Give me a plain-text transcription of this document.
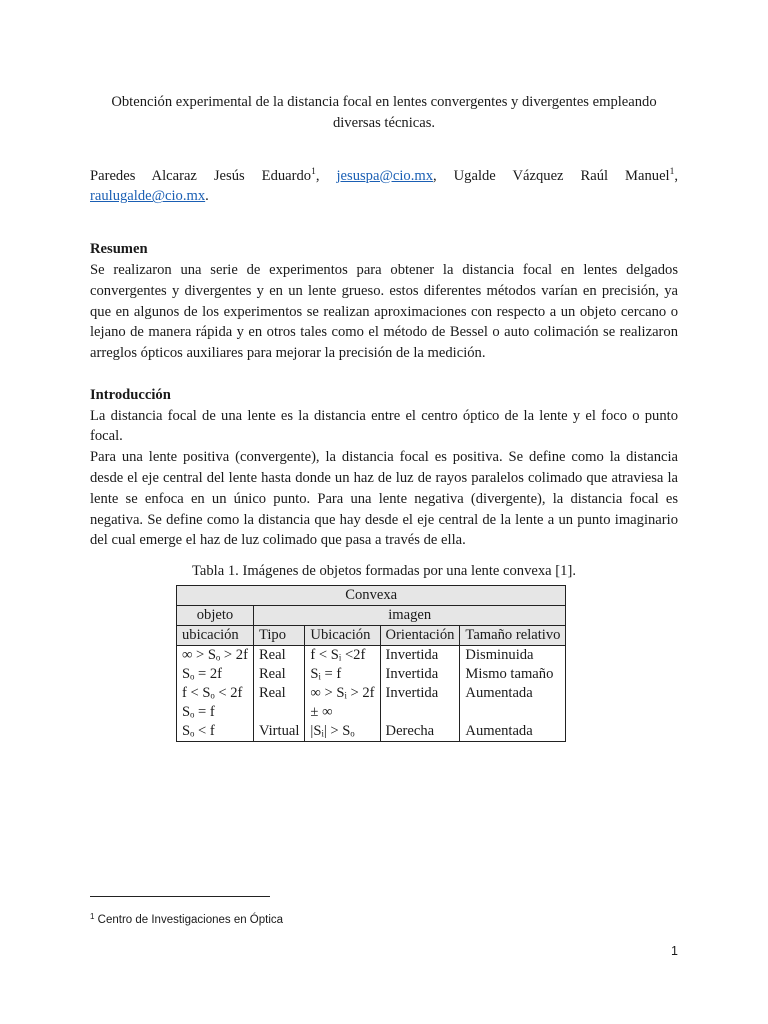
Obtención experimental de la distancia focal en lentes convergentes y divergentes empleando diversas técnicas.

Paredes Alcaraz Jesús Eduardo$^1$, jesuspa@cio.mx, Ugalde Vázquez Raúl Manuel$^1$, raulugalde@cio.mx.

Resumen

Se realizaron una serie de experimentos para obtener la distancia focal en lentes delgados convergentes y divergentes y en un lente grueso. estos diferentes métodos varían en precisión, ya que en algunos de los experimentos se realizan aproximaciones con respecto a un objeto cercano o lejano de manera rápida y en otros tales como el método de Bessel o auto colimación se realizaron arreglos ópticos auxiliares para mejorar la precisión de la medición.

Introducción

La distancia focal de una lente es la distancia entre el centro óptico de la lente y el foco o punto focal.

Para una lente positiva (convergente), la distancia focal es positiva. Se define como la distancia desde el eje central del lente hasta donde un haz de luz de rayos paralelos colimado que atraviesa la lente se enfoca en un único punto. Para una lente negativa (divergente), la distancia focal es negativa. Se define como la distancia que hay desde el eje central de la lente a un punto imaginario del cual emerge el haz de luz colimado que pasa a través de ella.

Tabla 1. Imágenes de objetos formadas por una lente convexa [1].

Convexa				
objeto	imagen			
ubicación	Tipo	Ubicación	Orientación	Tamaño relativo
∞ > Sₒ > 2f	Real	f < Sᵢ <2f	Invertida	Disminuida
Sₒ = 2f	Real	Sᵢ = f	Invertida	Mismo tamaño
f < Sₒ < 2f	Real	∞ > Sᵢ > 2f	Invertida	Aumentada
Sₒ = f		± ∞		
Sₒ < f	Virtual	|Sᵢ| > Sₒ	Derecha	Aumentada
$^1$ Centro de Investigaciones en Óptica
1
